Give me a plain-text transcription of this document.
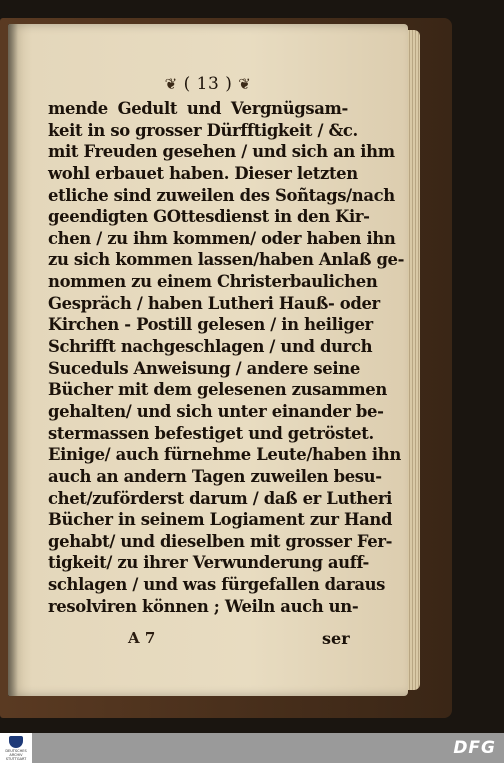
❦ ( 13 ) ❦
mende Gedult und Vergnügsam-
keit in so grosser Dürfftigkeit / &c.
mit Freuden gesehen / und sich an ihm
wohl erbauet haben. Dieser letzten
etliche sind zuweilen des Soñtags/nach
geendigten GOttesdienst in den Kir-
chen / zu ihm kommen/ oder haben ihn
zu sich kommen lassen/haben Anlaß ge-
nommen zu einem Christerbaulichen
Gespräch / haben Lutheri Hauß- oder
Kirchen - Postill gelesen / in heiliger
Schrifft nachgeschlagen / und durch
Suceduls Anweisung / andere seine
Bücher mit dem gelesenen zusammen
gehalten/ und sich unter einander be-
stermassen befestiget und getröstet.
Einige/ auch fürnehme Leute/haben ihn
auch an andern Tagen zuweilen besu-
chet/zuförderst darum / daß er Lutheri
Bücher in seinem Logiament zur Hand
gehabt/ und dieselben mit grosser Fer-
tigkeit/ zu ihrer Verwunderung auff-
schlagen / und was fürgefallen daraus
resolviren können ; Weiln auch un-
A 7	ser
DEUTSCHES ARCHIV STUTTGART
DFG
